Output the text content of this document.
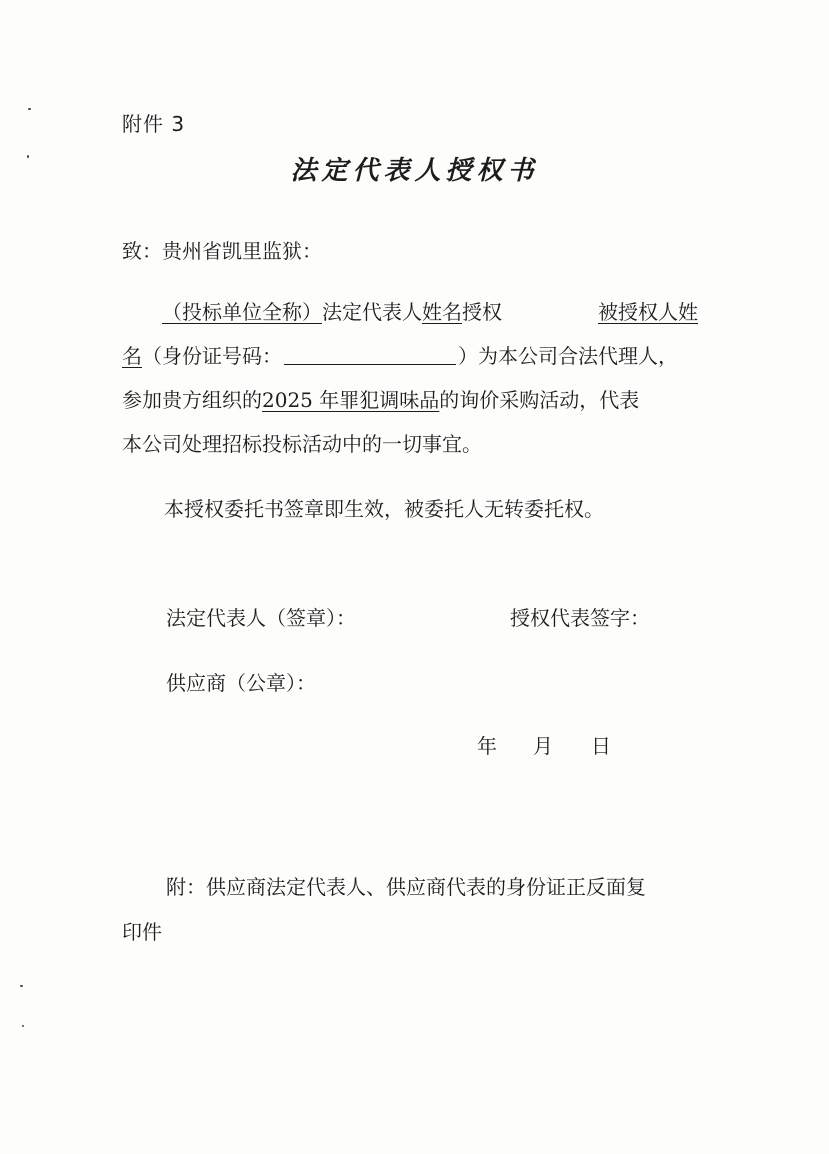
附件 3
法定代表人授权书
致：贵州省凯里监狱：
（投标单位全称）法定代表人姓名授权	被授权人姓
名（身份证号码：	）为本公司合法代理人，
参加贵方组织的2025 年罪犯调味品的询价采购活动，代表
本公司处理招标投标活动中的一切事宜。
本授权委托书签章即生效，被委托人无转委托权。
法定代表人（签章）：	授权代表签字：
供应商（公章）：
年 月 日
附：供应商法定代表人、供应商代表的身份证正反面复
印件
